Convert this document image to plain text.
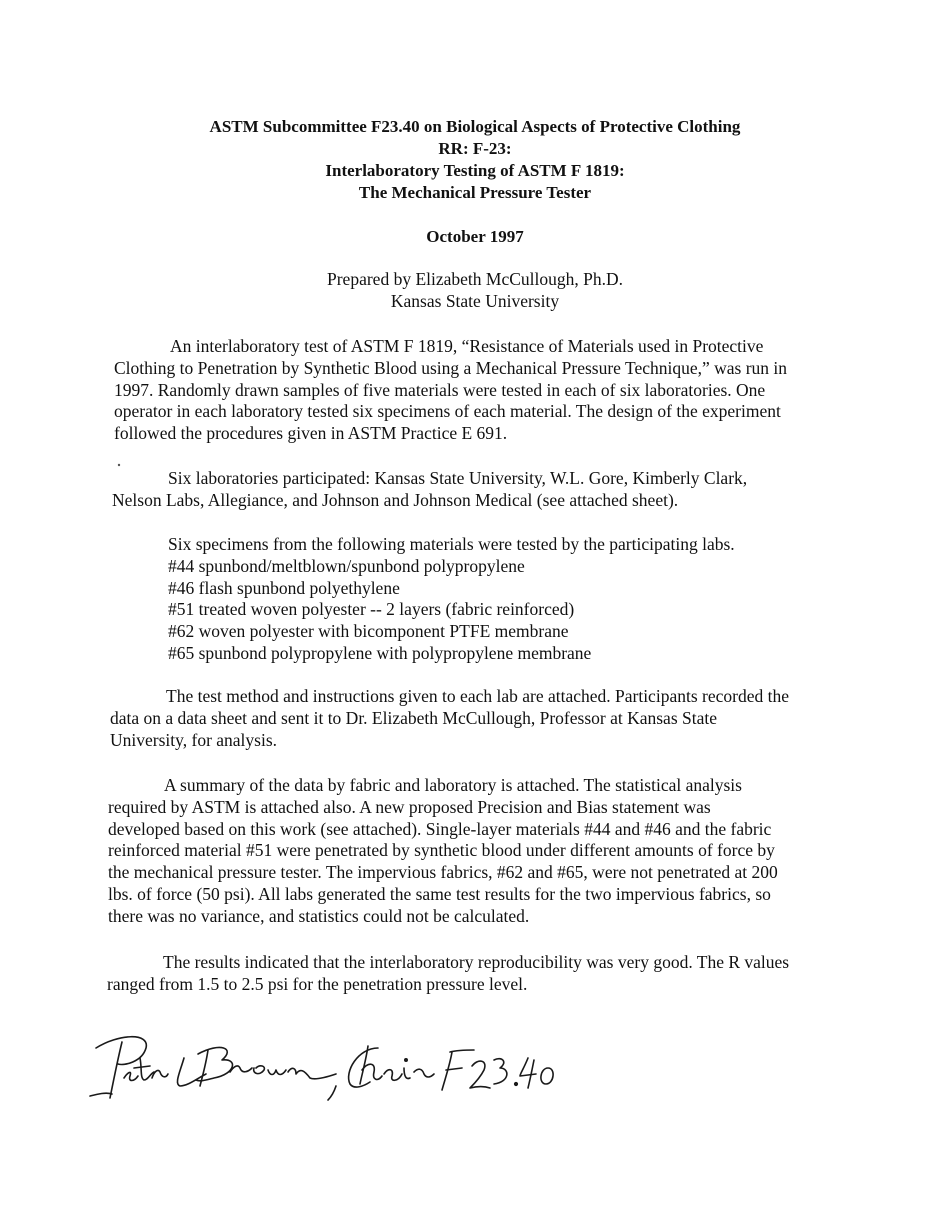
ASTM Subcommittee F23.40 on Biological Aspects of Protective Clothing
RR: F-23:
Interlaboratory Testing of ASTM F 1819:
The Mechanical Pressure Tester
October 1997
Prepared by Elizabeth McCullough, Ph.D.
Kansas State University
An interlaboratory test of ASTM F 1819, “Resistance of Materials used in Protective
Clothing to Penetration by Synthetic Blood using a Mechanical Pressure Technique,” was run in
1997. Randomly drawn samples of five materials were tested in each of six laboratories. One
operator in each laboratory tested six specimens of each material. The design of the experiment
followed the procedures given in ASTM Practice E 691.
Six laboratories participated: Kansas State University, W.L. Gore, Kimberly Clark,
Nelson Labs, Allegiance, and Johnson and Johnson Medical (see attached sheet).
Six specimens from the following materials were tested by the participating labs.
#44 spunbond/meltblown/spunbond polypropylene
#46 flash spunbond polyethylene
#51 treated woven polyester -- 2 layers (fabric reinforced)
#62 woven polyester with bicomponent PTFE membrane
#65 spunbond polypropylene with polypropylene membrane
The test method and instructions given to each lab are attached. Participants recorded the
data on a data sheet and sent it to Dr. Elizabeth McCullough, Professor at Kansas State
University, for analysis.
A summary of the data by fabric and laboratory is attached. The statistical analysis
required by ASTM is attached also. A new proposed Precision and Bias statement was
developed based on this work (see attached). Single-layer materials #44 and #46 and the fabric
reinforced material #51 were penetrated by synthetic blood under different amounts of force by
the mechanical pressure tester. The impervious fabrics, #62 and #65, were not penetrated at 200
lbs. of force (50 psi). All labs generated the same test results for the two impervious fabrics, so
there was no variance, and statistics could not be calculated.
The results indicated that the interlaboratory reproducibility was very good. The R values
ranged from 1.5 to 2.5 psi for the penetration pressure level.
